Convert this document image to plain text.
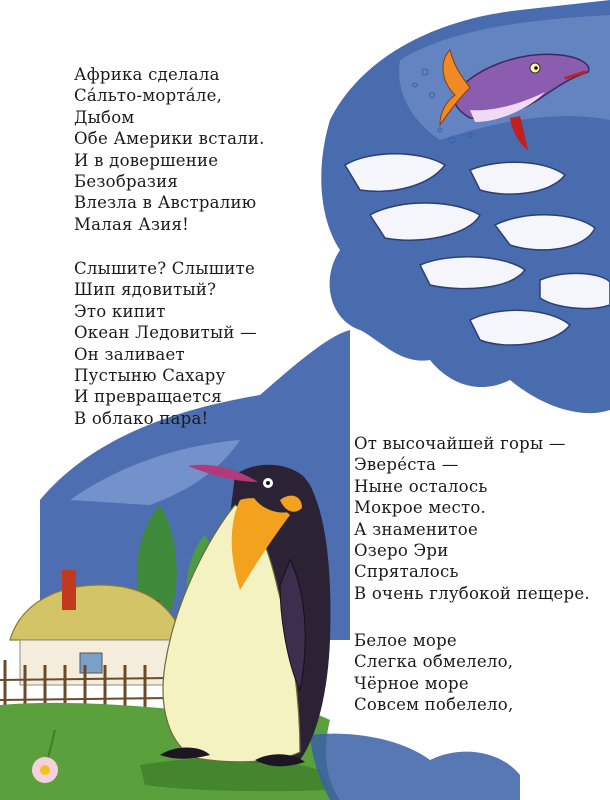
Африка сделала
Са́льто-морта́ле,
Дыбом
Обе Америки встали.
И в довершение
Безобразия
Влезла в Австралию
Малая Азия!
Слышите? Слышите
Шип ядовитый?
Это кипит
Океан Ледовитый —
Он заливает
Пустыню Сахару
И превращается
В облако пара!
От высочайшей горы —
Эвере́ста —
Ныне осталось
Мокрое место.
А знаменитое
Озеро Эри
Спряталось
В очень глубокой пещере.
Белое море
Слегка обмелело,
Чёрное море
Совсем побелело,
